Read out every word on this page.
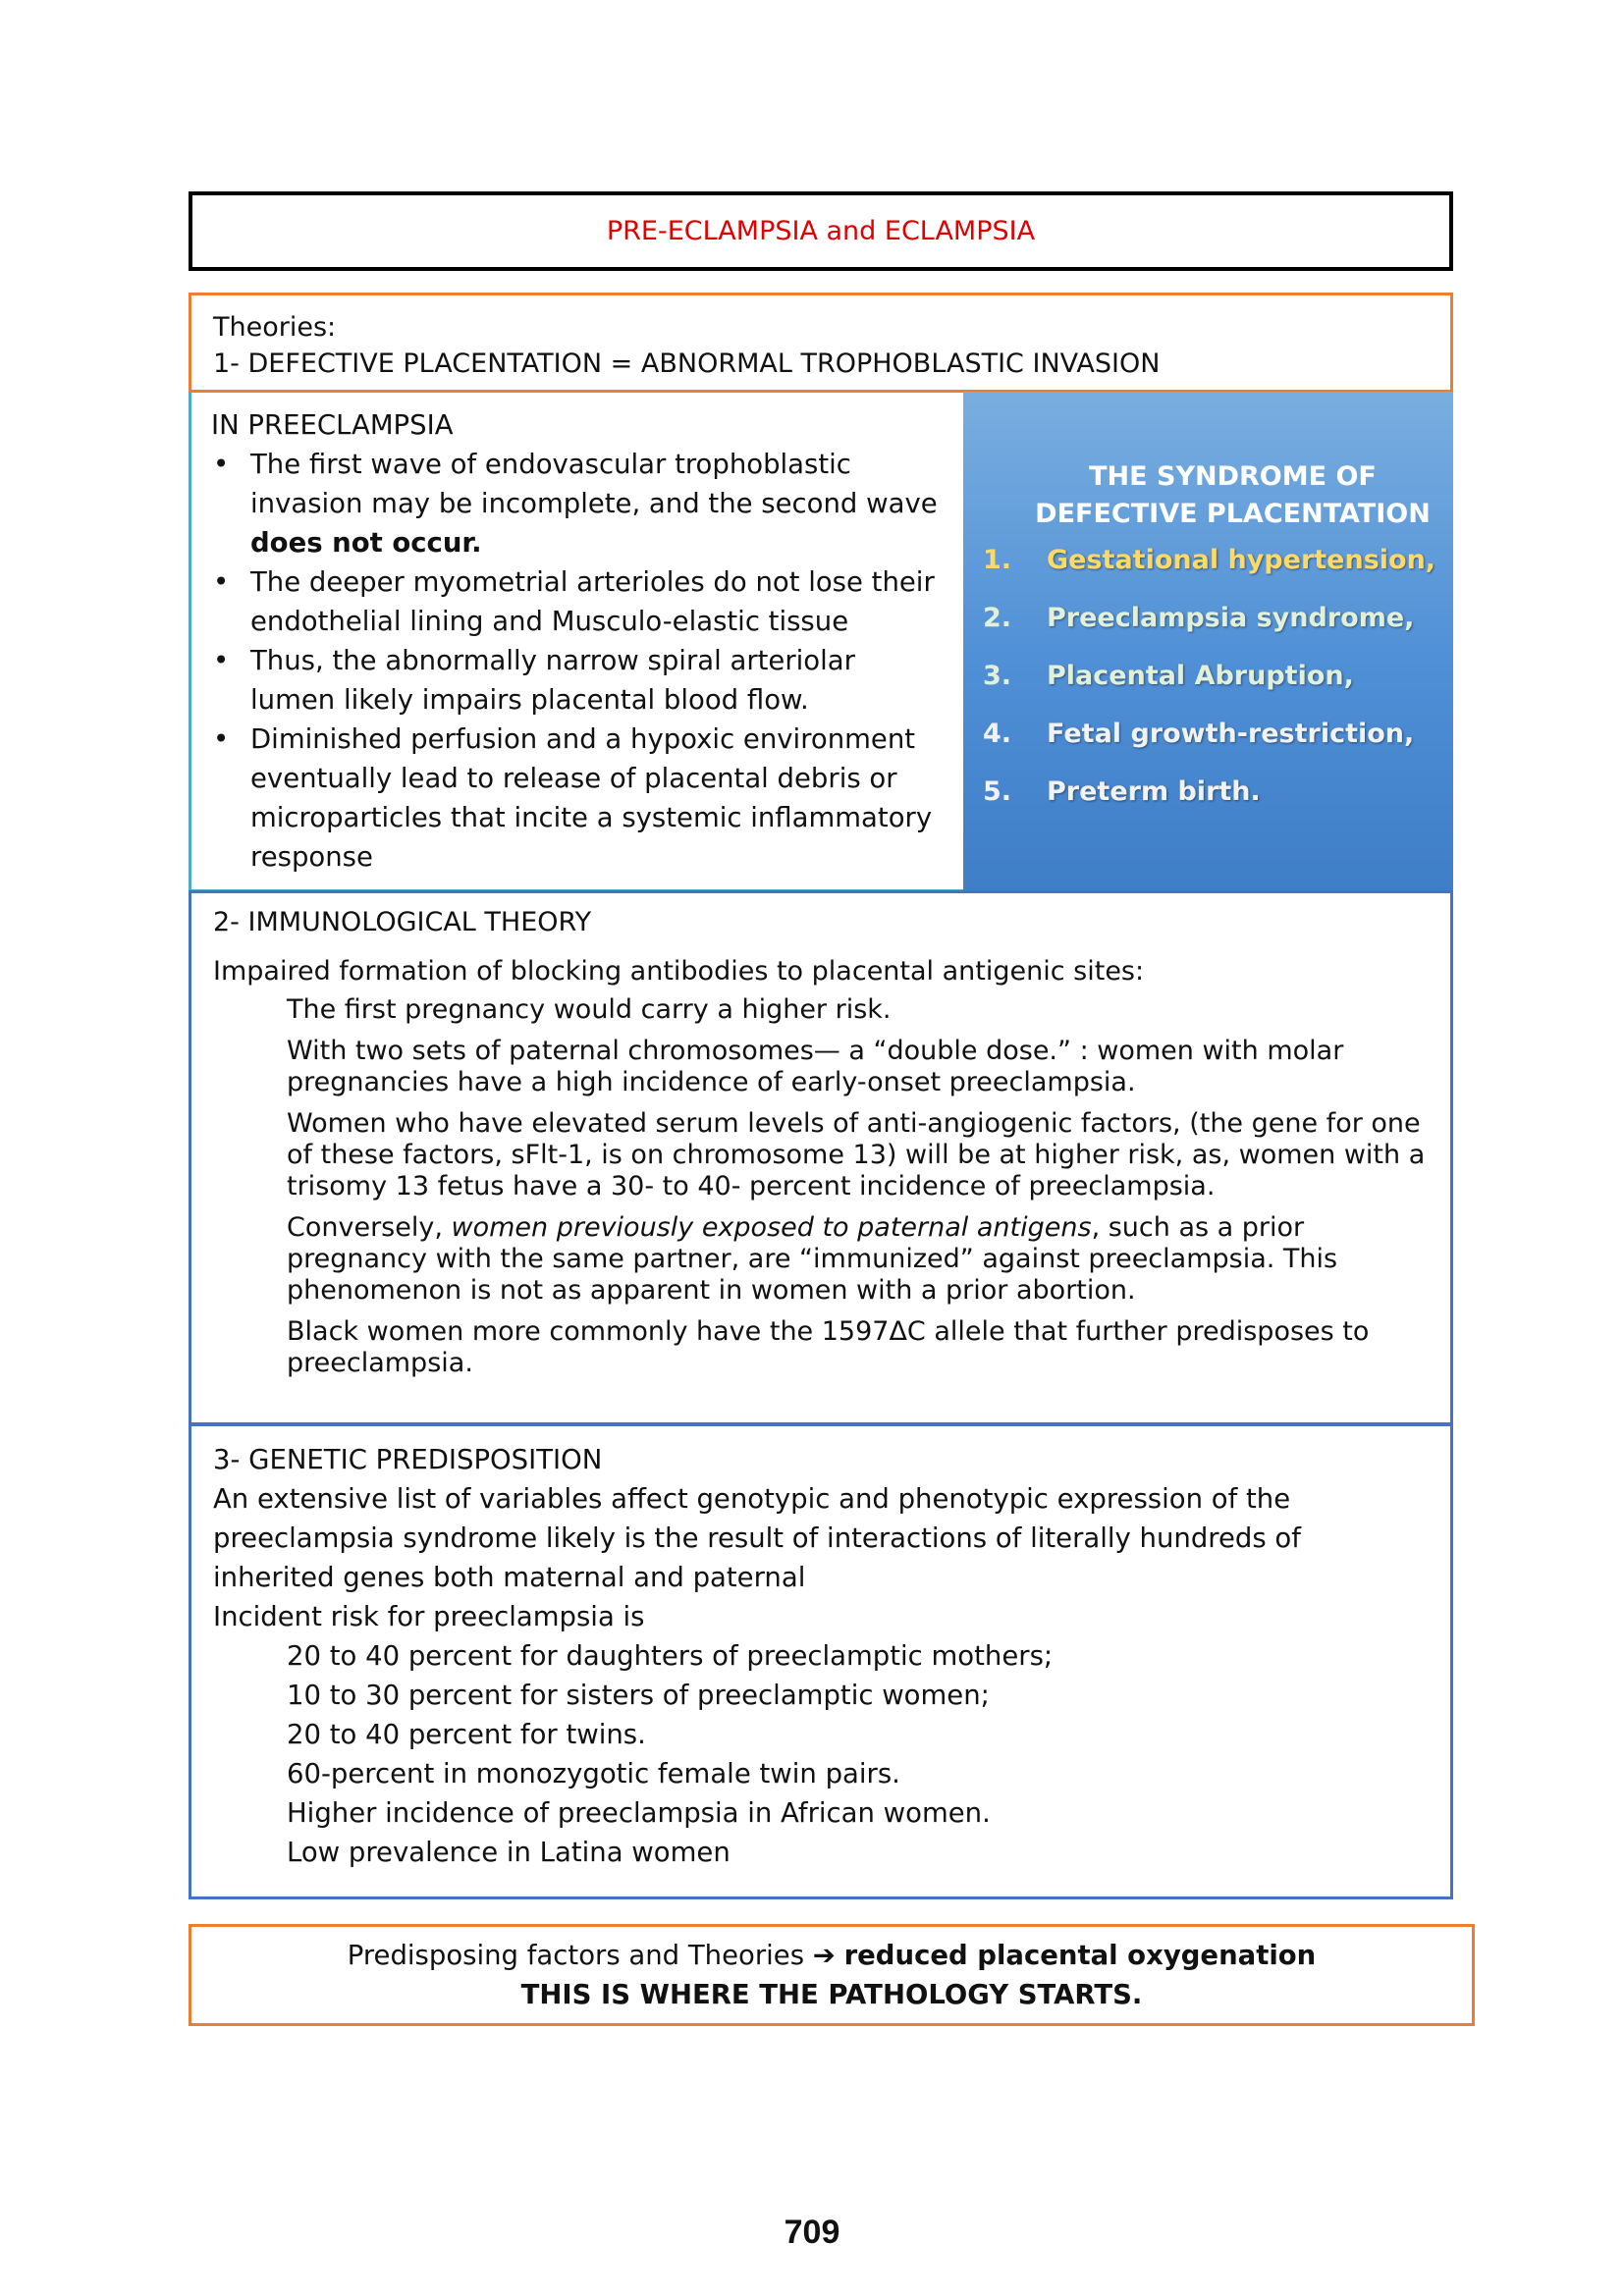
PRE-ECLAMPSIA and ECLAMPSIA
Theories:
1- DEFECTIVE PLACENTATION = ABNORMAL TROPHOBLASTIC INVASION
IN PREECLAMPSIA
• The first wave of endovascular trophoblastic invasion may be incomplete, and the second wave does not occur.
• The deeper myometrial arterioles do not lose their endothelial lining and Musculo-elastic tissue
• Thus, the abnormally narrow spiral arteriolar lumen likely impairs placental blood flow.
• Diminished perfusion and a hypoxic environment eventually lead to release of placental debris or microparticles that incite a systemic inflammatory response
THE SYNDROME OF DEFECTIVE PLACENTATION
1.	Gestational hypertension,
2.	Preeclampsia syndrome,
3.	Placental Abruption,
4.	Fetal growth-restriction,
5.	Preterm birth.
2- IMMUNOLOGICAL THEORY
Impaired formation of blocking antibodies to placental antigenic sites:
The first pregnancy would carry a higher risk.
With two sets of paternal chromosomes— a “double dose.” : women with molar pregnancies have a high incidence of early-onset preeclampsia.
Women who have elevated serum levels of anti-angiogenic factors, (the gene for one of these factors, sFlt-1, is on chromosome 13) will be at higher risk, as, women with a trisomy 13 fetus have a 30- to 40- percent incidence of preeclampsia.
Conversely, women previously exposed to paternal antigens, such as a prior pregnancy with the same partner, are “immunized” against preeclampsia. This phenomenon is not as apparent in women with a prior abortion.
Black women more commonly have the 1597ΔC allele that further predisposes to preeclampsia.
3- GENETIC PREDISPOSITION
An extensive list of variables affect genotypic and phenotypic expression of the preeclampsia syndrome likely is the result of interactions of literally hundreds of inherited genes both maternal and paternal
Incident risk for preeclampsia is
20 to 40 percent for daughters of preeclamptic mothers;
10 to 30 percent for sisters of preeclamptic women;
20 to 40 percent for twins.
60-percent in monozygotic female twin pairs.
Higher incidence of preeclampsia in African women.
Low prevalence in Latina women
Predisposing factors and Theories ➔ reduced placental oxygenation
THIS IS WHERE THE PATHOLOGY STARTS.
709
